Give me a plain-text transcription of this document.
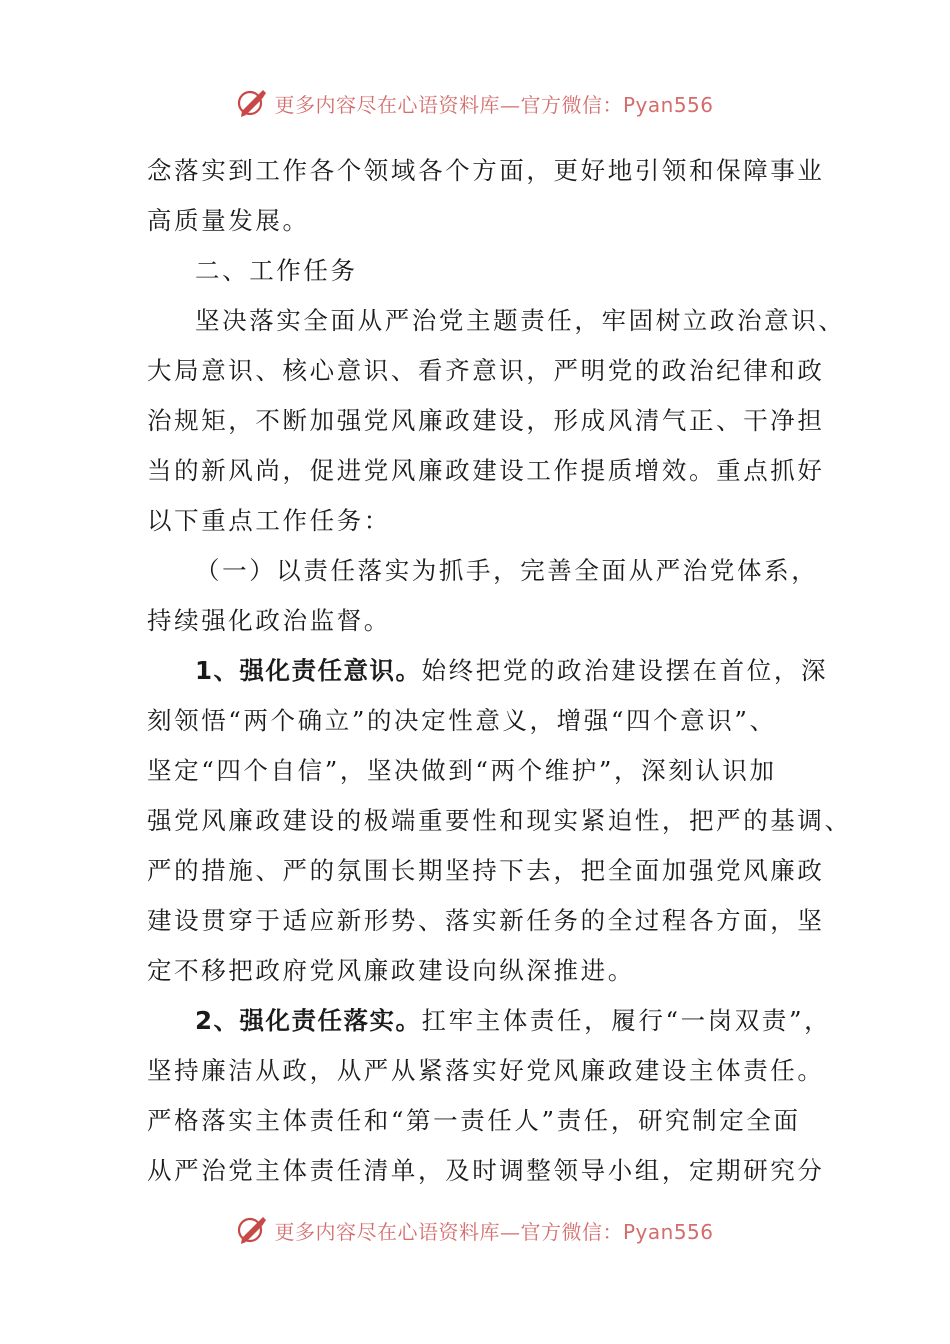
更多内容尽在心语资料库—官方微信：Pyan556
念落实到工作各个领域各个方面，更好地引领和保障事业
高质量发展。
二、工作任务
坚决落实全面从严治党主题责任，牢固树立政治意识、
大局意识、核心意识、看齐意识，严明党的政治纪律和政
治规矩，不断加强党风廉政建设，形成风清气正、干净担
当的新风尚，促进党风廉政建设工作提质增效。重点抓好
以下重点工作任务：
（一）以责任落实为抓手，完善全面从严治党体系，
持续强化政治监督。
1、强化责任意识。始终把党的政治建设摆在首位，深
刻领悟“两个确立”的决定性意义，增强“四个意识”、
坚定“四个自信”，坚决做到“两个维护”，深刻认识加
强党风廉政建设的极端重要性和现实紧迫性，把严的基调、
严的措施、严的氛围长期坚持下去，把全面加强党风廉政
建设贯穿于适应新形势、落实新任务的全过程各方面，坚
定不移把政府党风廉政建设向纵深推进。
2、强化责任落实。扛牢主体责任，履行“一岗双责”，
坚持廉洁从政，从严从紧落实好党风廉政建设主体责任。
严格落实主体责任和“第一责任人”责任，研究制定全面
从严治党主体责任清单，及时调整领导小组，定期研究分
更多内容尽在心语资料库—官方微信：Pyan556
